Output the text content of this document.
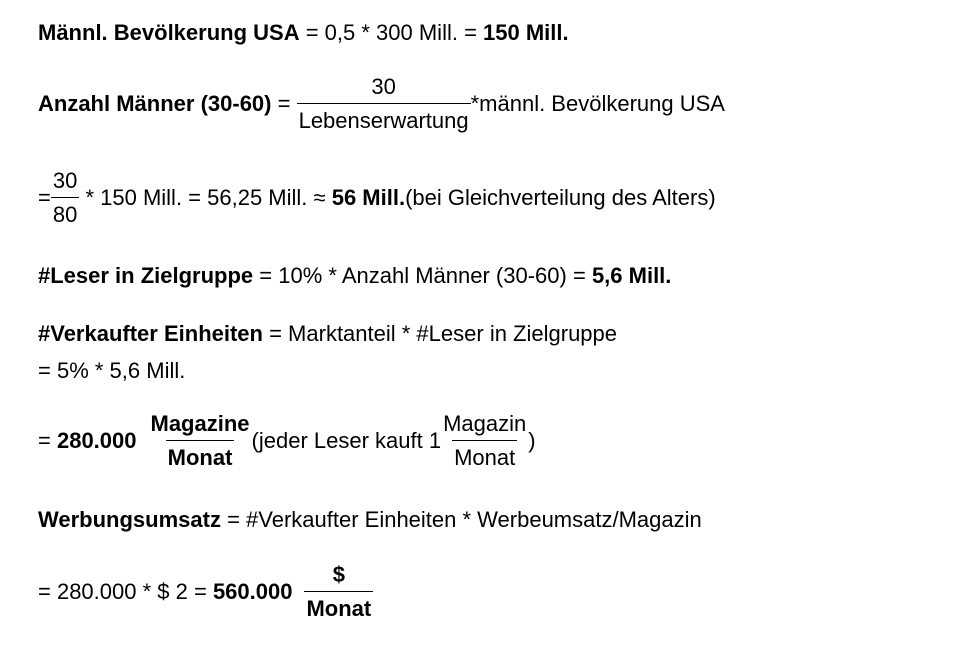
Männl. Bevölkerung USA = 0,5 * 300 Mill. = 150 Mill.
Anzahl Männer $(30-60) = \frac{30}{\text{Lebenserwartung}}$ *männl. Bevölkerung USA
= $\frac{30}{80} * 150$ Mill. = 56,25 Mill. ≈ 56 Mill. (bei Gleichverteilung des Alters)
#Leser in Zielgruppe = 10% * Anzahl Männer (30-60) = 5,6 Mill.
#Verkaufter Einheiten = Marktanteil * #Leser in Zielgruppe
= 5% * 5,6 Mill.
= $280.000 \frac{\text{Magazine}}{\text{Monat}}$ (jeder Leser kauft $1 \frac{\text{Magazin}}{\text{Monat}}$ )
Werbungsumsatz = #Verkaufter Einheiten * Werbeumsatz/Magazin
= 280.000 * $ $2 = 560.000 \frac{\$}{\text{Monat}}$
